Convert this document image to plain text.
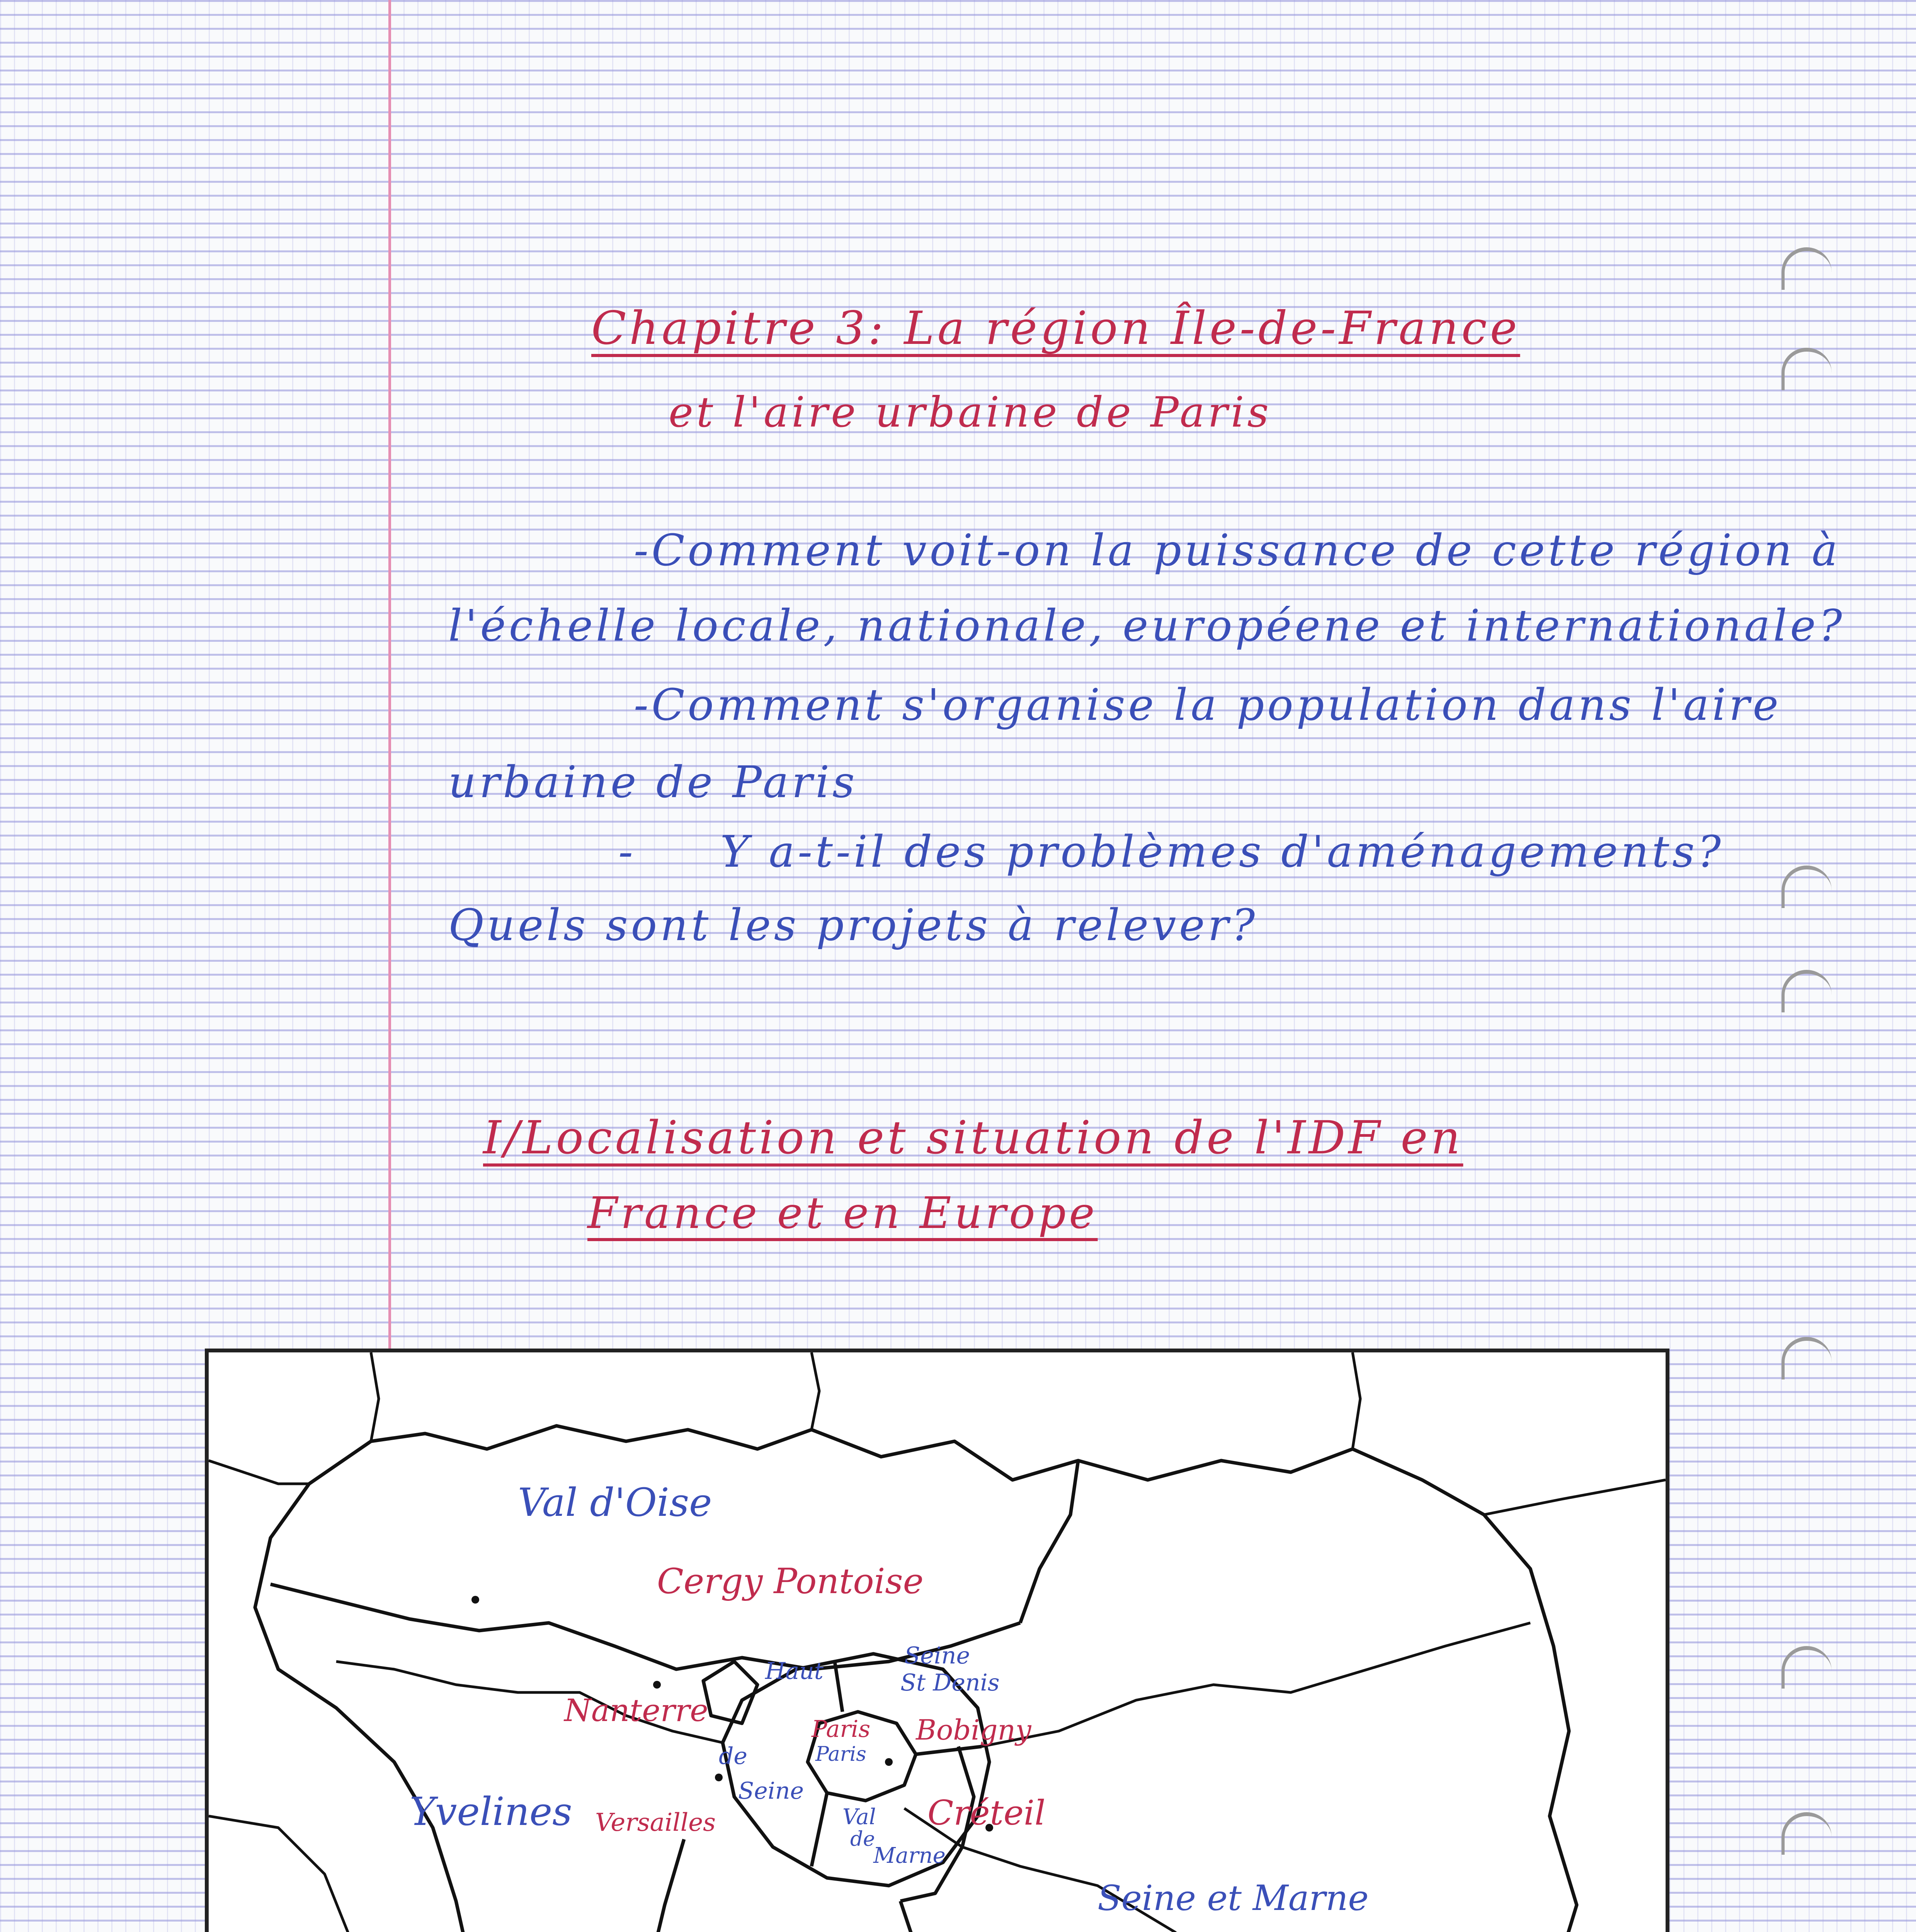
Chapitre 3: La région Île-de-France
et l'aire urbaine de Paris
-Comment voit-on la puissance de cette région à
l'échelle locale, nationale, européene et internationale?
-Comment s'organise la population dans l'aire
urbaine de Paris
-     Y a-t-il des problèmes d'aménagements?
Quels sont les projets à relever?
I/Localisation et situation de l'IDF en
France et en Europe
Val d'Oise
Cergy Pontoise
Haut
de
Seine
Seine
St Denis
Nanterre
Paris
Paris
Bobigny
Yvelines Versailles	Val
de
Marne
Créteil
Seine et Marne
